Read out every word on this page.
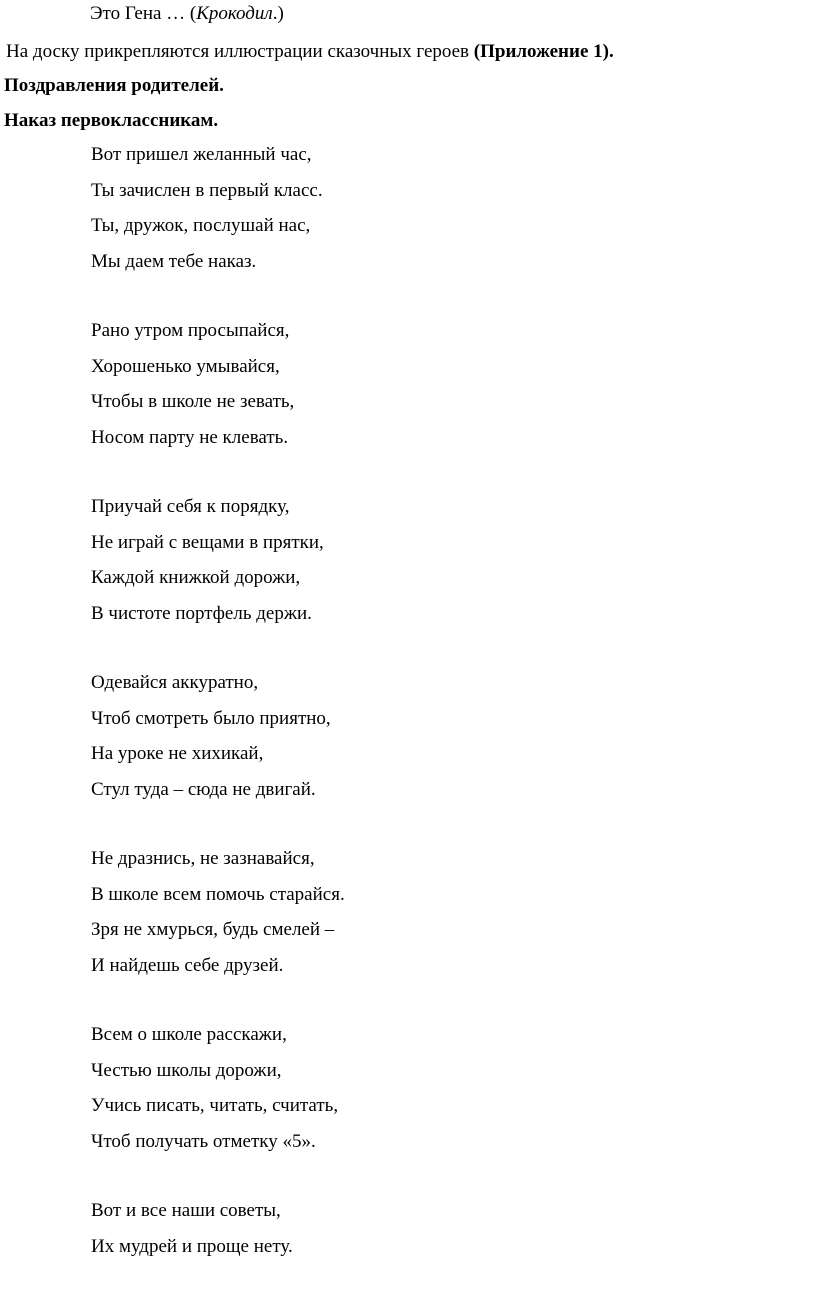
Это Гена … (Крокодил.)
На доску прикрепляются иллюстрации сказочных героев (Приложение 1).
Поздравления родителей.
Наказ первоклассникам.
Вот пришел желанный час,
Ты зачислен в первый класс.
Ты, дружок, послушай нас,
Мы даем тебе наказ.
Рано утром просыпайся,
Хорошенько умывайся,
Чтобы в школе не зевать,
Носом парту не клевать.
Приучай себя к порядку,
Не играй с вещами в прятки,
Каждой книжкой дорожи,
В чистоте портфель держи.
Одевайся аккуратно,
Чтоб смотреть было приятно,
На уроке не хихикай,
Стул туда – сюда не двигай.
Не дразнись, не зазнавайся,
В школе всем помочь старайся.
Зря не хмурься, будь смелей –
И найдешь себе друзей.
Всем о школе расскажи,
Честью школы дорожи,
Учись писать, читать, считать,
Чтоб получать отметку «5».
Вот и все наши советы,
Их мудрей и проще нету.
